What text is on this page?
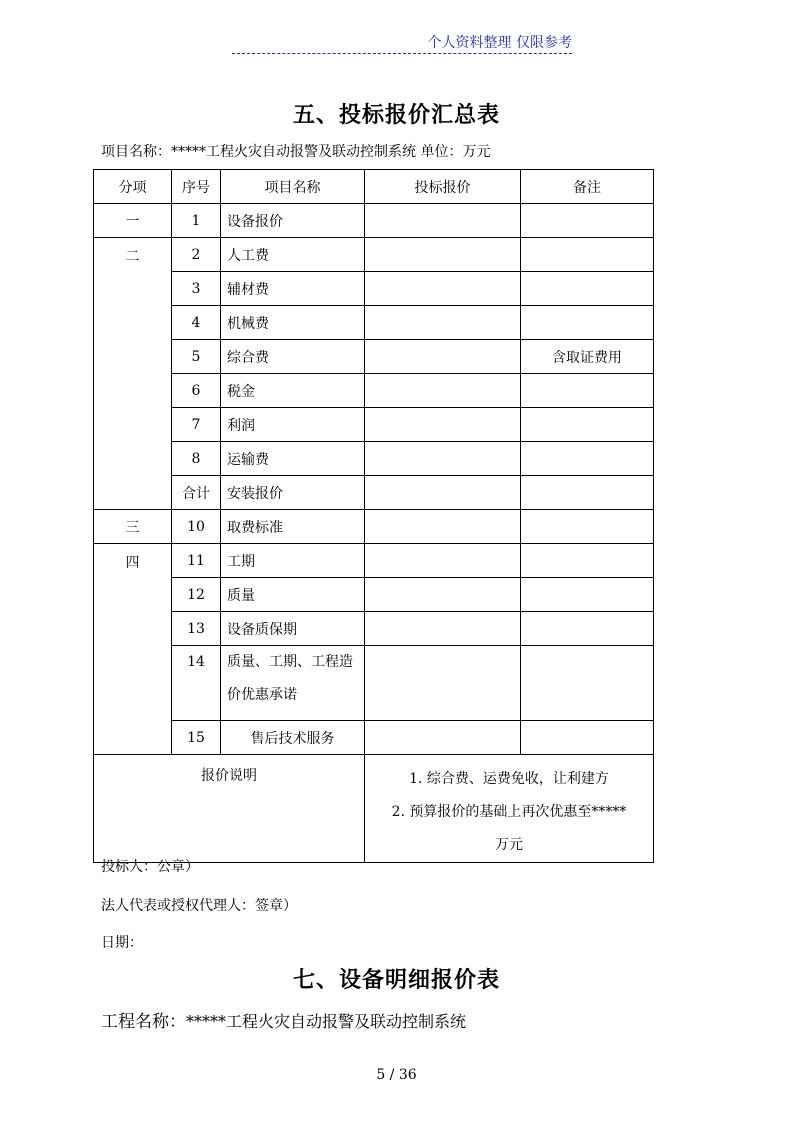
个人资料整理 仅限参考
五、投标报价汇总表
项目名称：*****工程火灾自动报警及联动控制系统 单位：万元
分项	序号	项目名称	投标报价	备注
一	1	设备报价		
二	2	人工费		
	3	辅材费		
	4	机械费		
	5	综合费		含取证费用
	6	税金		
	7	利润		
	8	运输费		
	合计	安装报价		
三	10	取费标准		
四	11	工期		
	12	质量		
	13	设备质保期		
	14	质量、工期、工程造价优惠承诺		
	15	售后技术服务		
报价说明			1. 综合费、运费免收，让利建方
2. 预算报价的基础上再次优惠至*****
万元	
投标人：公章）
法人代表或授权代理人：签章）
日期：
七、设备明细报价表
工程名称：*****工程火灾自动报警及联动控制系统
5 / 36
